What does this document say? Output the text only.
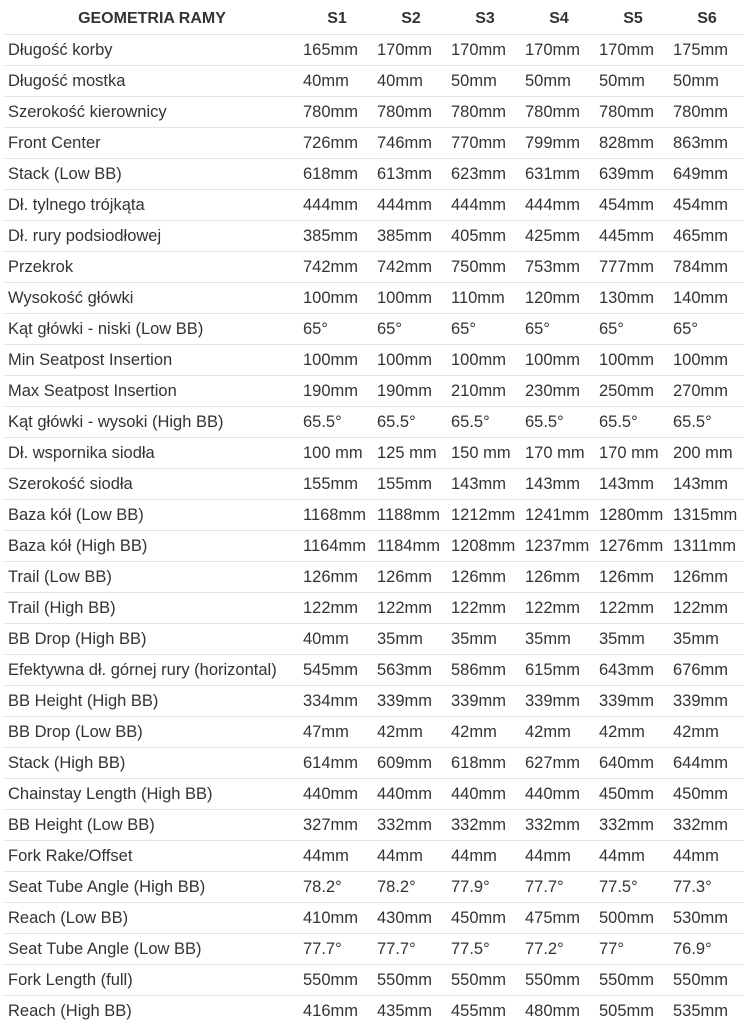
GEOMETRIA RAMY	S1	S2	S3	S4	S5	S6
Długość korby	165mm	170mm	170mm	170mm	170mm	175mm
Długość mostka	40mm	40mm	50mm	50mm	50mm	50mm
Szerokość kierownicy	780mm	780mm	780mm	780mm	780mm	780mm
Front Center	726mm	746mm	770mm	799mm	828mm	863mm
Stack (Low BB)	618mm	613mm	623mm	631mm	639mm	649mm
Dł. tylnego trójkąta	444mm	444mm	444mm	444mm	454mm	454mm
Dł. rury podsiodłowej	385mm	385mm	405mm	425mm	445mm	465mm
Przekrok	742mm	742mm	750mm	753mm	777mm	784mm
Wysokość główki	100mm	100mm	110mm	120mm	130mm	140mm
Kąt główki - niski (Low BB)	65°	65°	65°	65°	65°	65°
Min Seatpost Insertion	100mm	100mm	100mm	100mm	100mm	100mm
Max Seatpost Insertion	190mm	190mm	210mm	230mm	250mm	270mm
Kąt główki - wysoki (High BB)	65.5°	65.5°	65.5°	65.5°	65.5°	65.5°
Dł. wspornika siodła	100 mm	125 mm	150 mm	170 mm	170 mm	200 mm
Szerokość siodła	155mm	155mm	143mm	143mm	143mm	143mm
Baza kół (Low BB)	1168mm	1188mm	1212mm	1241mm	1280mm	1315mm
Baza kół (High BB)	1164mm	1184mm	1208mm	1237mm	1276mm	1311mm
Trail (Low BB)	126mm	126mm	126mm	126mm	126mm	126mm
Trail (High BB)	122mm	122mm	122mm	122mm	122mm	122mm
BB Drop (High BB)	40mm	35mm	35mm	35mm	35mm	35mm
Efektywna dł. górnej rury (horizontal)	545mm	563mm	586mm	615mm	643mm	676mm
BB Height (High BB)	334mm	339mm	339mm	339mm	339mm	339mm
BB Drop (Low BB)	47mm	42mm	42mm	42mm	42mm	42mm
Stack (High BB)	614mm	609mm	618mm	627mm	640mm	644mm
Chainstay Length (High BB)	440mm	440mm	440mm	440mm	450mm	450mm
BB Height (Low BB)	327mm	332mm	332mm	332mm	332mm	332mm
Fork Rake/Offset	44mm	44mm	44mm	44mm	44mm	44mm
Seat Tube Angle (High BB)	78.2°	78.2°	77.9°	77.7°	77.5°	77.3°
Reach (Low BB)	410mm	430mm	450mm	475mm	500mm	530mm
Seat Tube Angle (Low BB)	77.7°	77.7°	77.5°	77.2°	77°	76.9°
Fork Length (full)	550mm	550mm	550mm	550mm	550mm	550mm
Reach (High BB)	416mm	435mm	455mm	480mm	505mm	535mm
